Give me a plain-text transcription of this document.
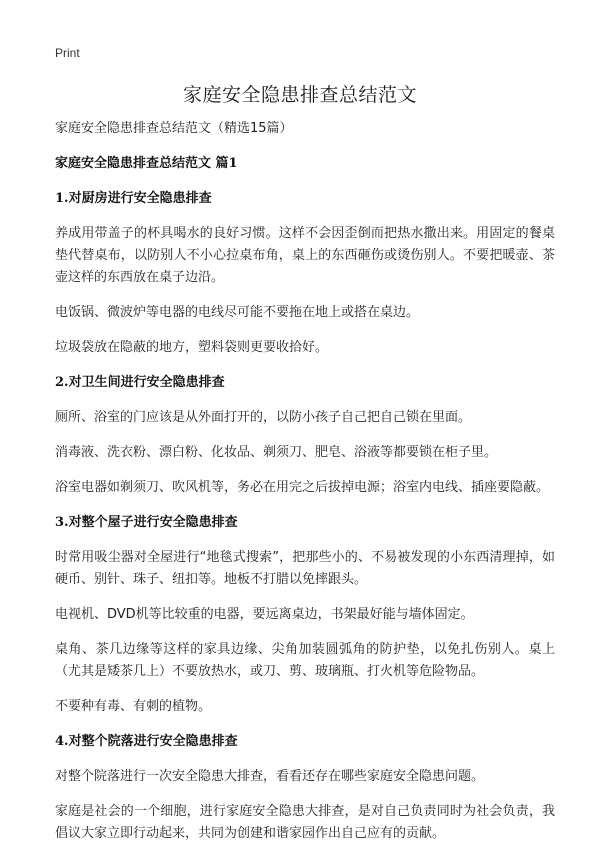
Print
家庭安全隐患排查总结范文

家庭安全隐患排查总结范文（精选15篇）

家庭安全隐患排查总结范文 篇1

1.对厨房进行安全隐患排查

养成用带盖子的杯具喝水的良好习惯。这样不会因歪倒而把热水撒出来。用固定的餐桌垫代替桌布，以防别人不小心拉桌布角，桌上的东西砸伤或烫伤别人。不要把暖壶、茶壶这样的东西放在桌子边沿。

电饭锅、微波炉等电器的电线尽可能不要拖在地上或搭在桌边。

垃圾袋放在隐蔽的地方，塑料袋则更要收拾好。

2.对卫生间进行安全隐患排查

厕所、浴室的门应该是从外面打开的，以防小孩子自己把自己锁在里面。

消毒液、洗衣粉、漂白粉、化妆品、剃须刀、肥皂、浴液等都要锁在柜子里。

浴室电器如剃须刀、吹风机等，务必在用完之后拔掉电源；浴室内电线、插座要隐蔽。

3.对整个屋子进行安全隐患排查

时常用吸尘器对全屋进行“地毯式搜索”，把那些小的、不易被发现的小东西清理掉，如硬币、别针、珠子、纽扣等。地板不打腊以免摔跟头。

电视机、DVD机等比较重的电器，要远离桌边，书架最好能与墙体固定。

桌角、茶几边缘等这样的家具边缘、尖角加装圆弧角的防护垫，以免扎伤别人。桌上（尤其是矮茶几上）不要放热水，或刀、剪、玻璃瓶、打火机等危险物品。

不要种有毒、有刺的植物。

4.对整个院落进行安全隐患排查

对整个院落进行一次安全隐患大排查，看看还存在哪些家庭安全隐患问题。

家庭是社会的一个细胞，进行家庭安全隐患大排查，是对自己负责同时为社会负责，我倡议大家立即行动起来，共同为创建和谐家园作出自己应有的贡献。
